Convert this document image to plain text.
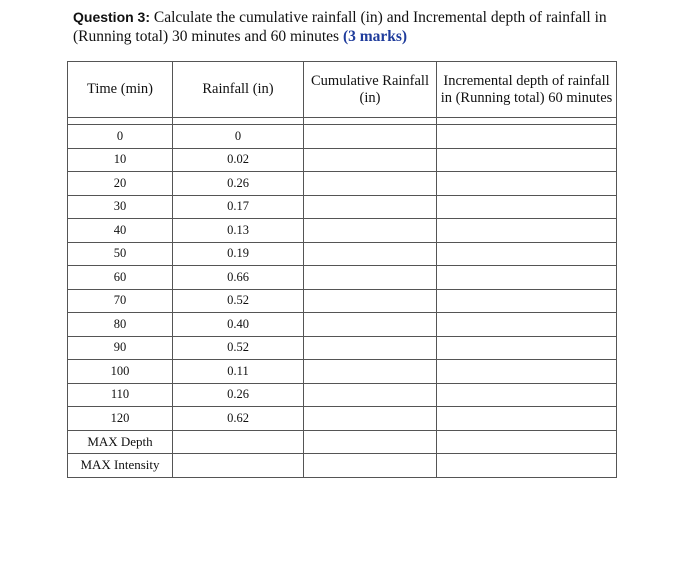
Question 3: Calculate the cumulative rainfall (in) and Incremental depth of rainfall in (Running total) 30 minutes and 60 minutes (3 marks)
Time (min)	Rainfall (in)	Cumulative Rainfall (in)	Incremental depth of rainfall in (Running total) 60 minutes

0	0		
10	0.02		
20	0.26		
30	0.17		
40	0.13		
50	0.19		
60	0.66		
70	0.52		
80	0.40		
90	0.52		
100	0.11		
110	0.26		
120	0.62		
MAX Depth			
MAX Intensity			
